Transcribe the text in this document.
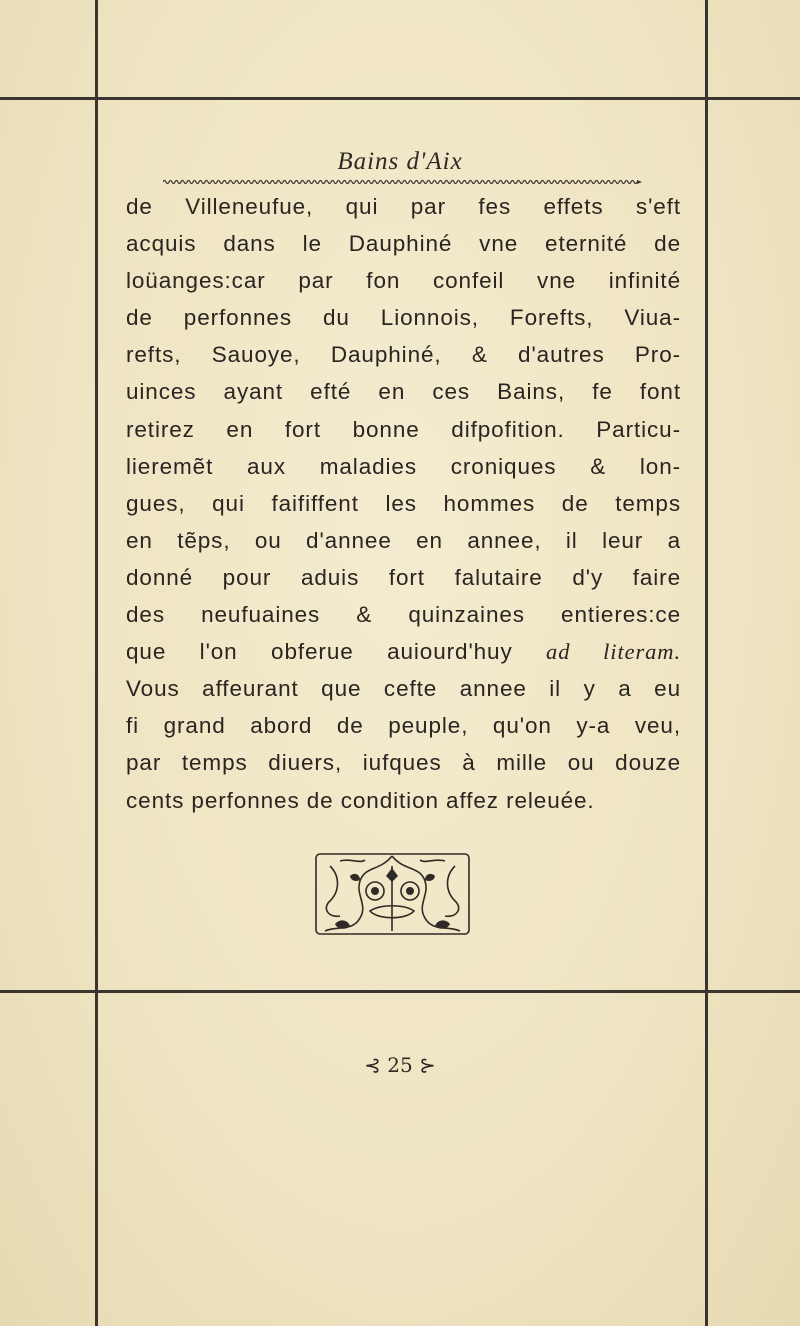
Bains d'Aix
de Villeneufue, qui par fes effets s'eft
acquis dans le Dauphiné vne eternité de
loüanges:car par fon confeil vne infinité
de perfonnes du Lionnois, Forefts, Viua-
refts, Sauoye, Dauphiné, & d'autres Pro-
uinces ayant efté en ces Bains, fe font
retirez en fort bonne difpofition. Particu-
lieremẽt aux maladies croniques & lon-
gues, qui faififfent les hommes de temps
en tẽps, ou d'annee en annee, il leur a
donné pour aduis fort falutaire d'y faire
des neufuaines & quinzaines entieres:ce
que l'on obferue auiourd'huy ad literam.
Vous affeurant que cefte annee il y a eu
fi grand abord de peuple, qu'on y-a veu,
par temps diuers, iufques à mille ou douze
cents perfonnes de condition affez releuée.
⊰ 25 ⊱
